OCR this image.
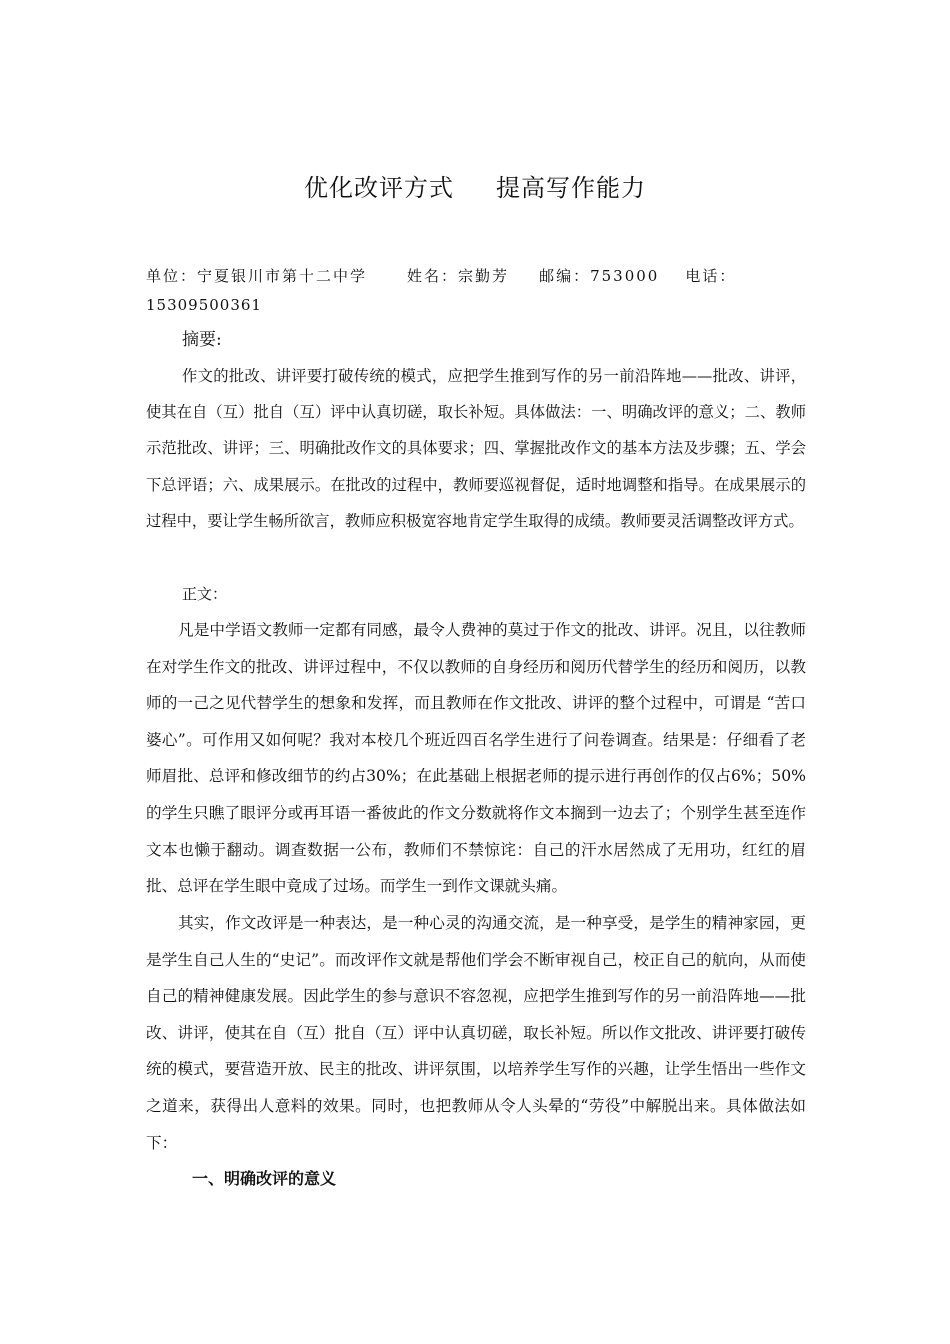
优化改评方式 提高写作能力
单位：宁夏银川市第十二中学	姓名：宗勤芳 邮编：753000 电话：
15309500361
摘要:

作文的批改、讲评要打破传统的模式，应把学生推到写作的另一前沿阵地——批改、讲评，使其在自（互）批自（互）评中认真切磋，取长补短。具体做法：一、明确改评的意义；二、教师示范批改、讲评；三、明确批改作文的具体要求；四、掌握批改作文的基本方法及步骤；五、学会下总评语；六、成果展示。在批改的过程中，教师要巡视督促，适时地调整和指导。在成果展示的过程中，要让学生畅所欲言，教师应积极宽容地肯定学生取得的成绩。教师要灵活调整改评方式。

正文：

凡是中学语文教师一定都有同感，最令人费神的莫过于作文的批改、讲评。况且，以往教师在对学生作文的批改、讲评过程中，不仅以教师的自身经历和阅历代替学生的经历和阅历，以教师的一己之见代替学生的想象和发挥，而且教师在作文批改、讲评的整个过程中，可谓是 “苦口婆心”。可作用又如何呢？我对本校几个班近四百名学生进行了问卷调查。结果是：仔细看了老师眉批、总评和修改细节的约占30%；在此基础上根据老师的提示进行再创作的仅占6%；50%的学生只瞧了眼评分或再耳语一番彼此的作文分数就将作文本搁到一边去了；个别学生甚至连作文本也懒于翻动。调查数据一公布，教师们不禁惊诧：自己的汗水居然成了无用功，红红的眉批、总评在学生眼中竟成了过场。而学生一到作文课就头痛。

其实，作文改评是一种表达，是一种心灵的沟通交流，是一种享受，是学生的精神家园，更是学生自己人生的“史记”。而改评作文就是帮他们学会不断审视自己，校正自己的航向，从而使自己的精神健康发展。因此学生的参与意识不容忽视，应把学生推到写作的另一前沿阵地——批改、讲评，使其在自（互）批自（互）评中认真切磋，取长补短。所以作文批改、讲评要打破传统的模式，要营造开放、民主的批改、讲评氛围，以培养学生写作的兴趣，让学生悟出一些作文之道来，获得出人意料的效果。同时，也把教师从令人头晕的“劳役”中解脱出来。具体做法如下：

一、明确改评的意义
